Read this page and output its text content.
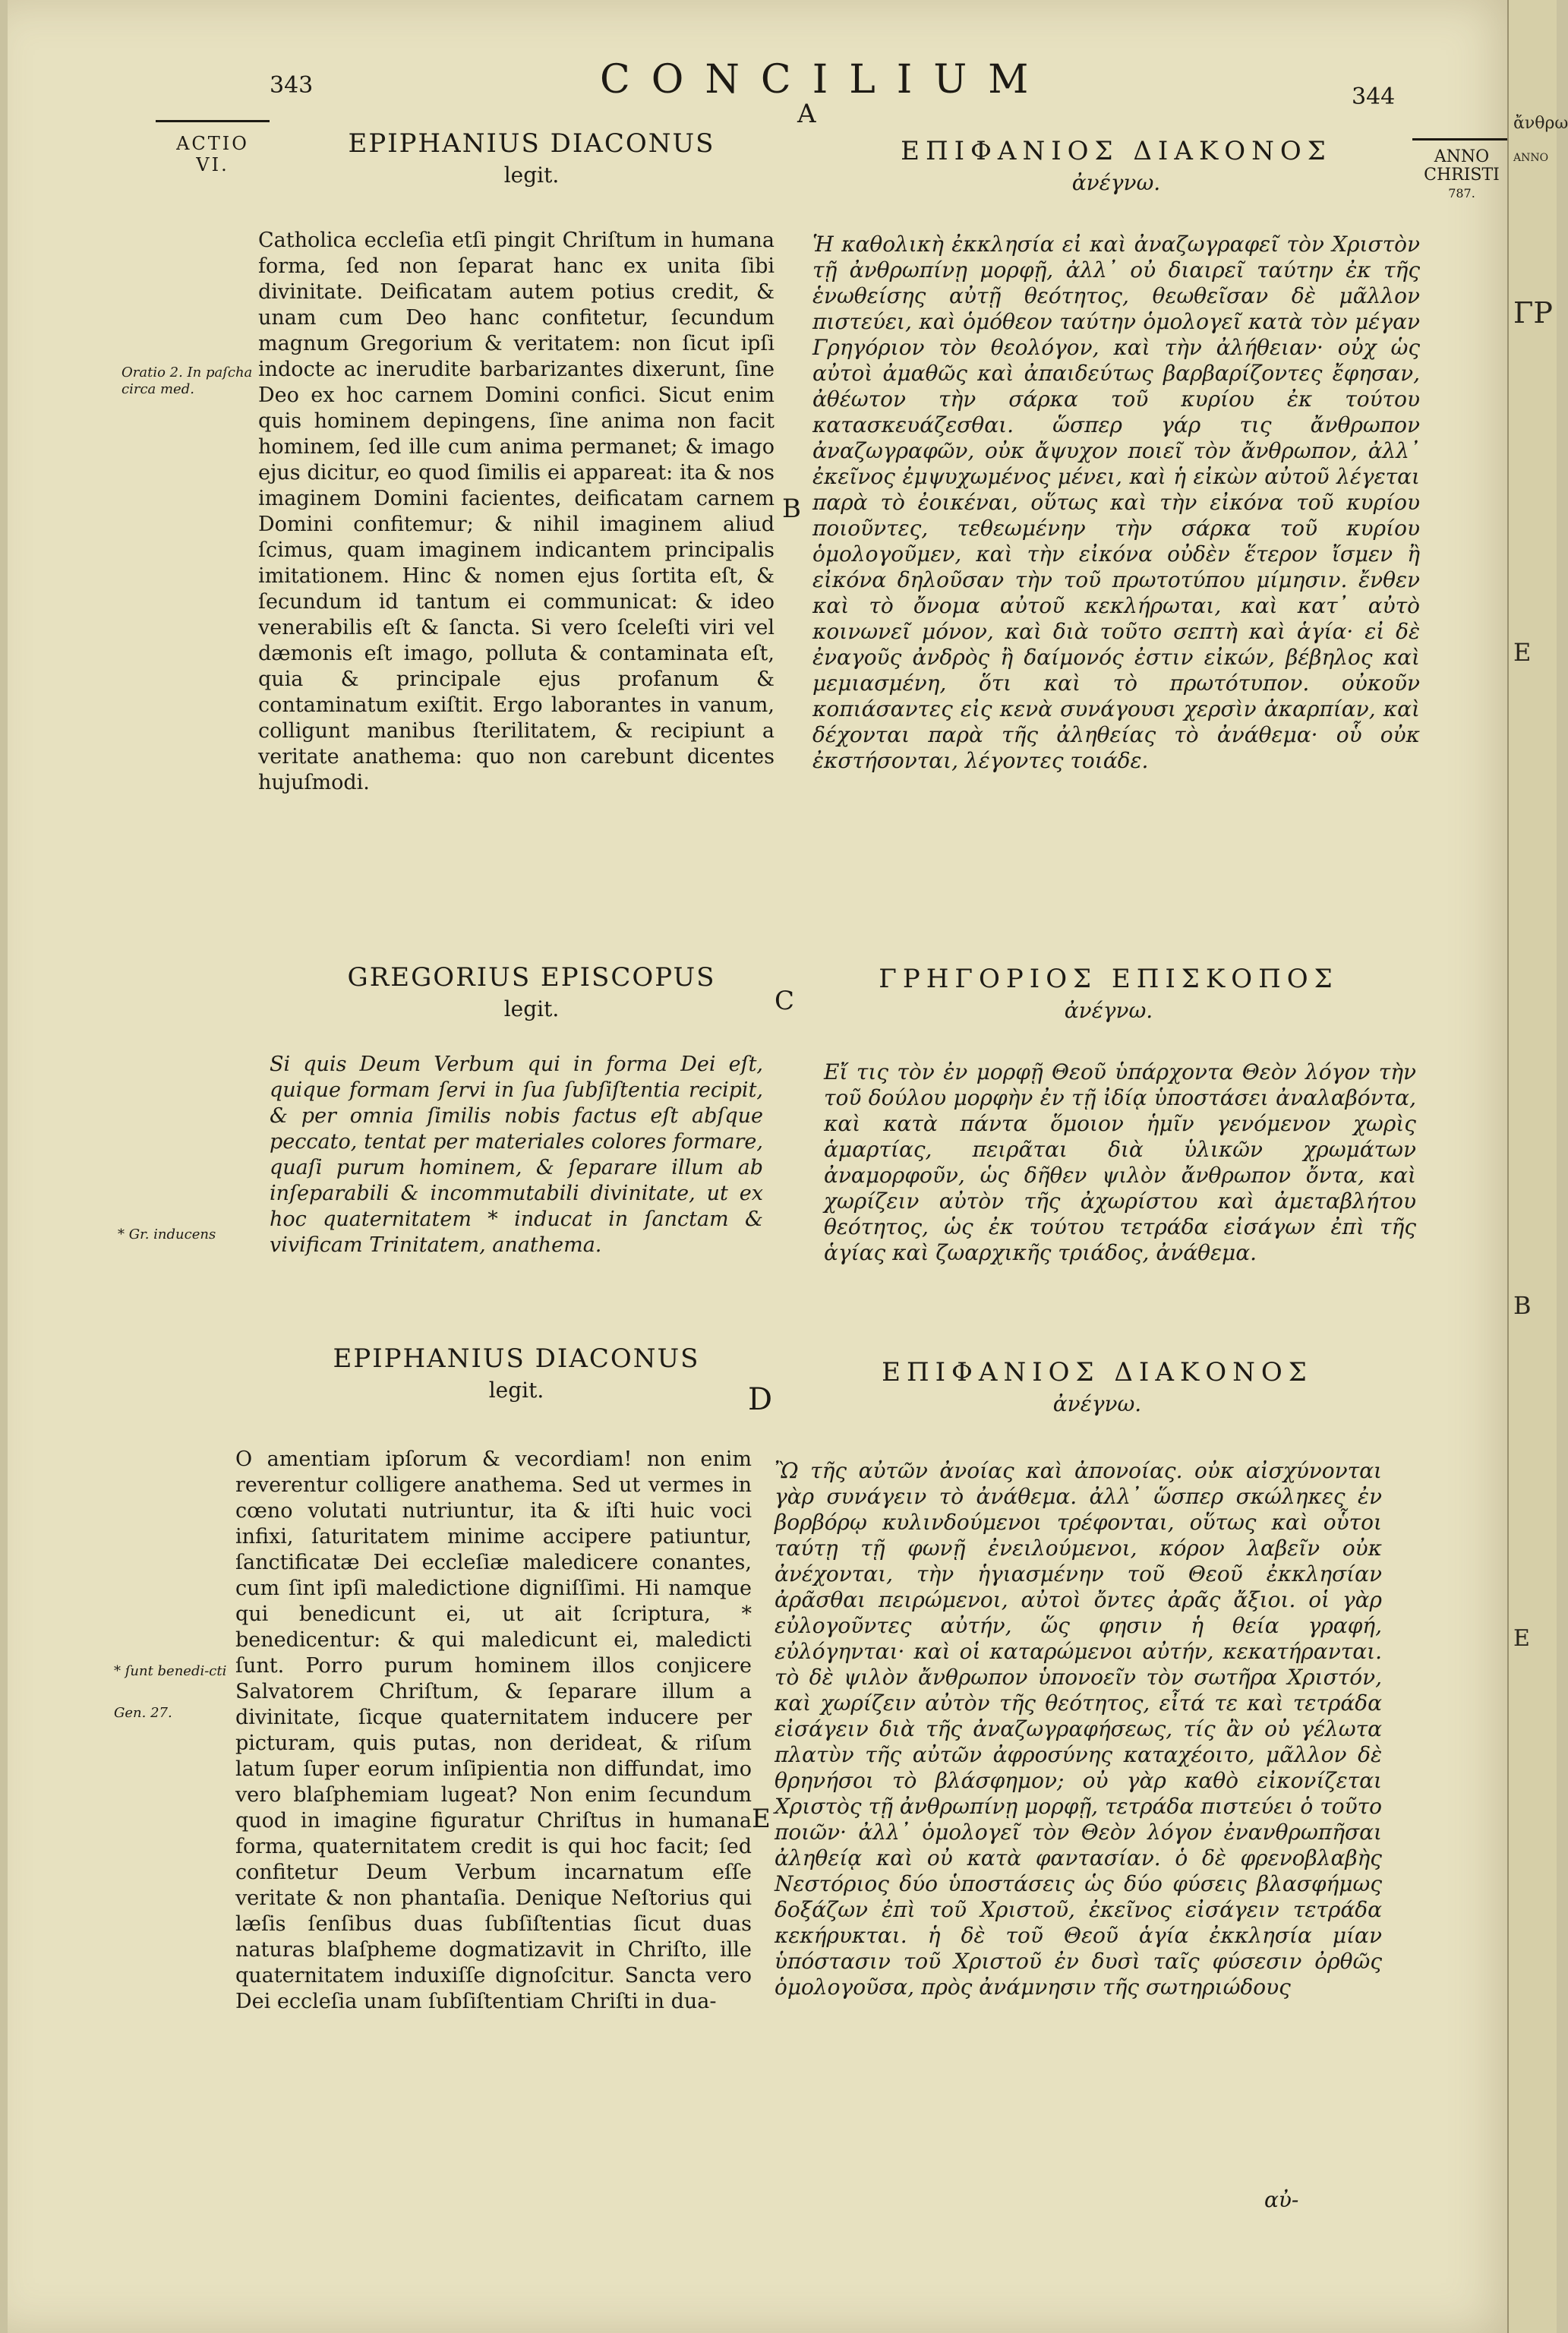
343	CONCILIUM	344
A
ACTIO
VI.	ANNO
CHRISTI
787.
EPIPHANIUS DIACONUS
legit.
ΕΠΙΦΑΝΙΟΣ ΔΙΑΚΟΝΟΣ
ἀνέγνω.
Oratio 2. In paſcha circa med.
Catholica eccleſia etſi pingit Chriſtum in humana forma, ſed non ſeparat hanc ex unita ſibi divinitate. Deificatam autem potius credit, & unam cum Deo hanc confitetur, ſecundum magnum Gregorium & veritatem: non ſicut ipſi indocte ac inerudite barbarizantes dixerunt, ſine Deo ex hoc carnem Domini confici. Sicut enim quis hominem depingens, ſine anima non facit hominem, ſed ille cum anima permanet; & imago ejus dicitur, eo quod ſimilis ei appareat: ita & nos imaginem Domini facientes, deificatam carnem Domini confitemur; & nihil imaginem aliud ſcimus, quam imaginem indicantem principalis imitationem. Hinc & nomen ejus ſortita eſt, & ſecundum id tantum ei communicat: & ideo venerabilis eſt & ſancta. Si vero ſceleſti viri vel dæmonis eſt imago, polluta & contaminata eſt, quia & principale ejus profanum & contaminatum exiſtit. Ergo laborantes in vanum, colligunt manibus ſterilitatem, & recipiunt a veritate anathema: quo non carebunt dicentes hujuſmodi.
Ἡ καθολικὴ ἐκκλησία εἰ καὶ ἀναζωγραφεῖ τὸν Χριστὸν τῇ ἀνθρωπίνῃ μορφῇ, ἀλλ᾽ οὐ διαιρεῖ ταύτην ἐκ τῆς ἑνωθείσης αὐτῇ θεότητος, θεωθεῖσαν δὲ μᾶλλον πιστεύει, καὶ ὁμόθεον ταύτην ὁμολογεῖ κατὰ τὸν μέγαν Γρηγόριον τὸν θεολόγον, καὶ τὴν ἀλήθειαν· οὐχ ὡς αὐτοὶ ἀμαθῶς καὶ ἀπαιδεύτως βαρβαρίζοντες ἔφησαν, ἀθέωτον τὴν σάρκα τοῦ κυρίου ἐκ τούτου κατασκευάζεσθαι. ὥσπερ γάρ τις ἄνθρωπον ἀναζωγραφῶν, οὐκ ἄψυχον ποιεῖ τὸν ἄνθρωπον, ἀλλ᾽ ἐκεῖνος ἐμψυχωμένος μένει, καὶ ἡ εἰκὼν αὐτοῦ λέγεται παρὰ τὸ ἐοικέναι, οὕτως καὶ τὴν εἰκόνα τοῦ κυρίου ποιοῦντες, τεθεωμένην τὴν σάρκα τοῦ κυρίου ὁμολογοῦμεν, καὶ τὴν εἰκόνα οὐδὲν ἕτερον ἴσμεν ἢ εἰκόνα δηλοῦσαν τὴν τοῦ πρωτοτύπου μίμησιν. ἔνθεν καὶ τὸ ὄνομα αὐτοῦ κεκλήρωται, καὶ κατ᾽ αὐτὸ κοινωνεῖ μόνον, καὶ διὰ τοῦτο σεπτὴ καὶ ἁγία· εἰ δὲ ἐναγοῦς ἀνδρὸς ἢ δαίμονός ἐστιν εἰκών, βέβηλος καὶ μεμιασμένη, ὅτι καὶ τὸ πρωτότυπον. οὐκοῦν κοπιάσαντες εἰς κενὰ συνάγουσι χερσὶν ἀκαρπίαν, καὶ δέχονται παρὰ τῆς ἀληθείας τὸ ἀνάθεμα· οὗ οὐκ ἐκστήσονται, λέγοντες τοιάδε.
B
GREGORIUS EPISCOPUS
legit.	C
ΓΡΗΓΟΡΙΟΣ ΕΠΙΣΚΟΠΟΣ
ἀνέγνω.
* Gr. inducens
Si quis Deum Verbum qui in forma Dei eſt, quique formam ſervi in ſua ſubſiſtentia recipit, & per omnia ſimilis nobis factus eſt abſque peccato, tentat per materiales colores formare, quaſi purum hominem, & ſeparare illum ab inſeparabili & incommutabili divinitate, ut ex hoc quaternitatem * inducat in ſanctam & vivificam Trinitatem, anathema.
Εἴ τις τὸν ἐν μορφῇ Θεοῦ ὑπάρχοντα Θεὸν λόγον τὴν τοῦ δούλου μορφὴν ἐν τῇ ἰδίᾳ ὑποστάσει ἀναλαβόντα, καὶ κατὰ πάντα ὅμοιον ἡμῖν γενόμενον χωρὶς ἁμαρτίας, πειρᾶται διὰ ὑλικῶν χρωμάτων ἀναμορφοῦν, ὡς δῆθεν ψιλὸν ἄνθρωπον ὄντα, καὶ χωρίζειν αὐτὸν τῆς ἀχωρίστου καὶ ἀμεταβλήτου θεότητος, ὡς ἐκ τούτου τετράδα εἰσάγων ἐπὶ τῆς ἁγίας καὶ ζωαρχικῆς τριάδος, ἀνάθεμα.
EPIPHANIUS DIACONUS
legit.	D
ΕΠΙΦΑΝΙΟΣ ΔΙΑΚΟΝΟΣ
ἀνέγνω.
* ſunt benedi-cti
Gen. 27.
O amentiam ipſorum & vecordiam! non enim reverentur colligere anathema. Sed ut vermes in cœno volutati nutriuntur, ita & iſti huic voci infixi, ſaturitatem minime accipere patiuntur, ſanctificatæ Dei eccleſiæ maledicere conantes, cum ſint ipſi maledictione digniſſimi. Hi namque qui benedicunt ei, ut ait ſcriptura, * benedicentur: & qui maledicunt ei, maledicti ſunt. Porro purum hominem illos conjicere Salvatorem Chriſtum, & ſeparare illum a divinitate, ſicque quaternitatem inducere per picturam, quis putas, non derideat, & riſum latum ſuper eorum inſipientia non diffundat, imo vero blaſphemiam lugeat? Non enim ſecundum quod in imagine figuratur Chriſtus in humana forma, quaternitatem credit is qui hoc facit; ſed confitetur Deum Verbum incarnatum eſſe veritate & non phantaſia. Denique Neſtorius qui læſis ſenſibus duas ſubſiſtentias ſicut duas naturas blaſpheme dogmatizavit in Chriſto, ille quaternitatem induxiſſe dignoſcitur. Sancta vero Dei eccleſia unam ſubſiſtentiam Chriſti in dua-
E
Ὢ τῆς αὐτῶν ἀνοίας καὶ ἀπονοίας. οὐκ αἰσχύνονται γὰρ συνάγειν τὸ ἀνάθεμα. ἀλλ᾽ ὥσπερ σκώληκες ἐν βορβόρῳ κυλινδούμενοι τρέφονται, οὕτως καὶ οὗτοι ταύτῃ τῇ φωνῇ ἐνειλούμενοι, κόρον λαβεῖν οὐκ ἀνέχονται, τὴν ἡγιασμένην τοῦ Θεοῦ ἐκκλησίαν ἀρᾶσθαι πειρώμενοι, αὐτοὶ ὄντες ἀρᾶς ἄξιοι. οἱ γὰρ εὐλογοῦντες αὐτήν, ὥς φησιν ἡ θεία γραφή, εὐλόγηνται· καὶ οἱ καταρώμενοι αὐτήν, κεκατήρανται. τὸ δὲ ψιλὸν ἄνθρωπον ὑπονοεῖν τὸν σωτῆρα Χριστόν, καὶ χωρίζειν αὐτὸν τῆς θεότητος, εἶτά τε καὶ τετράδα εἰσάγειν διὰ τῆς ἀναζωγραφήσεως, τίς ἂν οὐ γέλωτα πλατὺν τῆς αὐτῶν ἀφροσύνης καταχέοιτο, μᾶλλον δὲ θρηνήσοι τὸ βλάσφημον; οὐ γὰρ καθὸ εἰκονίζεται Χριστὸς τῇ ἀνθρωπίνῃ μορφῇ, τετράδα πιστεύει ὁ τοῦτο ποιῶν· ἀλλ᾽ ὁμολογεῖ τὸν Θεὸν λόγον ἐνανθρωπῆσαι ἀληθείᾳ καὶ οὐ κατὰ φαντασίαν. ὁ δὲ φρενοβλαβὴς Νεστόριος δύο ὑποστάσεις ὡς δύο φύσεις βλασφήμως δοξάζων ἐπὶ τοῦ Χριστοῦ, ἐκεῖνος εἰσάγειν τετράδα κεκήρυκται. ἡ δὲ τοῦ Θεοῦ ἁγία ἐκκλησία μίαν ὑπόστασιν τοῦ Χριστοῦ ἐν δυσὶ ταῖς φύσεσιν ὀρθῶς ὁμολογοῦσα, πρὸς ἀνάμνησιν τῆς σωτηριώδους
αὐ-
ἄνθρω
ΑΝΝΟ
ΓΡ
Ε
Ε
Β
